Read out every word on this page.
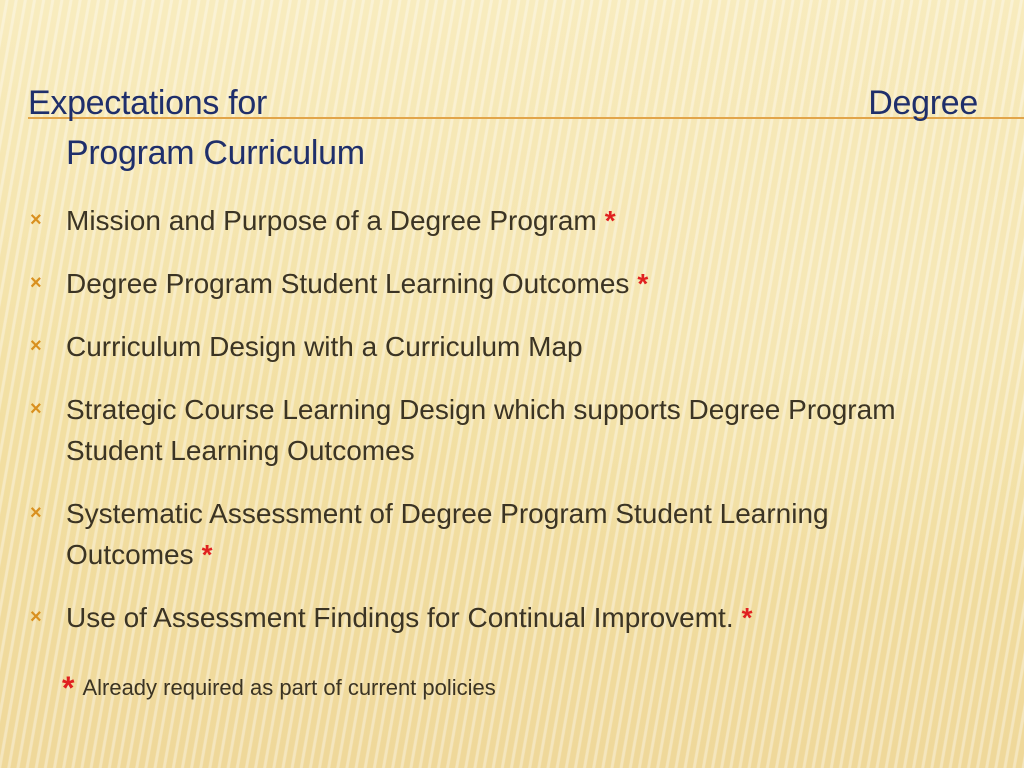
Expectations for	Degree
Program Curriculum
× Mission and Purpose of a Degree Program *
× Degree Program Student Learning Outcomes *
× Curriculum Design with a Curriculum Map
× Strategic Course Learning Design which supports Degree Program Student Learning Outcomes
× Systematic Assessment of Degree Program Student Learning Outcomes *
× Use of Assessment Findings for Continual Improvemt. *
* Already required as part of current policies
